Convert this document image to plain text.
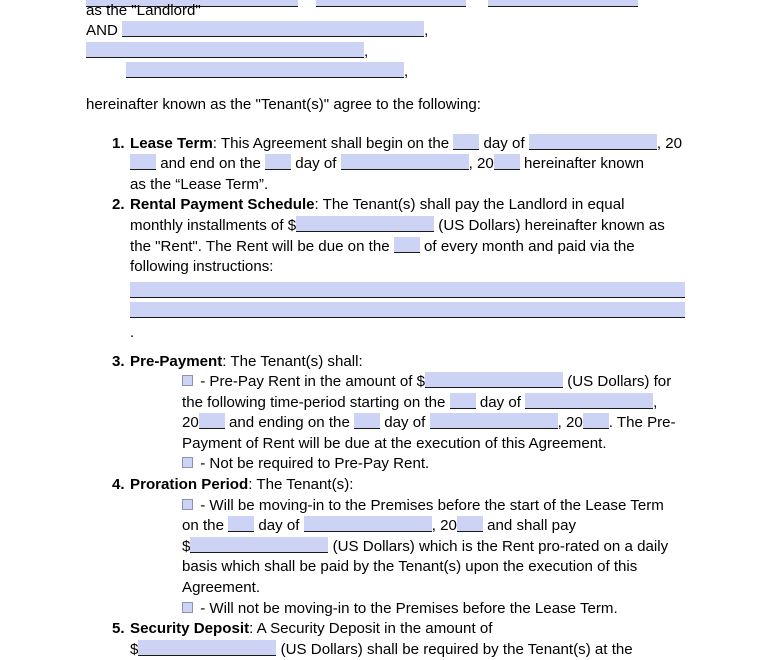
as the "Landlord"

AND	, ,

,

hereinafter known as the "Tenant(s)" agree to the following:

1. Lease Term: This Agreement shall begin on the  day of	, 20 and end on the  day of	, 20 hereinafter known
as the “Lease Term”.
2. Rental Payment Schedule: The Tenant(s) shall pay the Landlord in equal
monthly installments of $	(US Dollars) hereinafter known as
the "Rent". The Rent will be due on the  of every month and paid via the
following instructions:
.
3. Pre-Payment: The Tenant(s) shall:
- Pre-Pay Rent in the amount of $	(US Dollars) for
the following time-period starting on the  day of	,
20 and ending on the  day of	, 20 . The Pre-
Payment of Rent will be due at the execution of this Agreement.
- Not be required to Pre-Pay Rent.
4. Proration Period: The Tenant(s):
- Will be moving-in to the Premises before the start of the Lease Term
on the  day of	, 20 and shall pay
$	(US Dollars) which is the Rent pro-rated on a daily
basis which shall be paid by the Tenant(s) upon the execution of this
Agreement.
- Will not be moving-in to the Premises before the Lease Term.
5. Security Deposit: A Security Deposit in the amount of
$	(US Dollars) shall be required by the Tenant(s) at the
